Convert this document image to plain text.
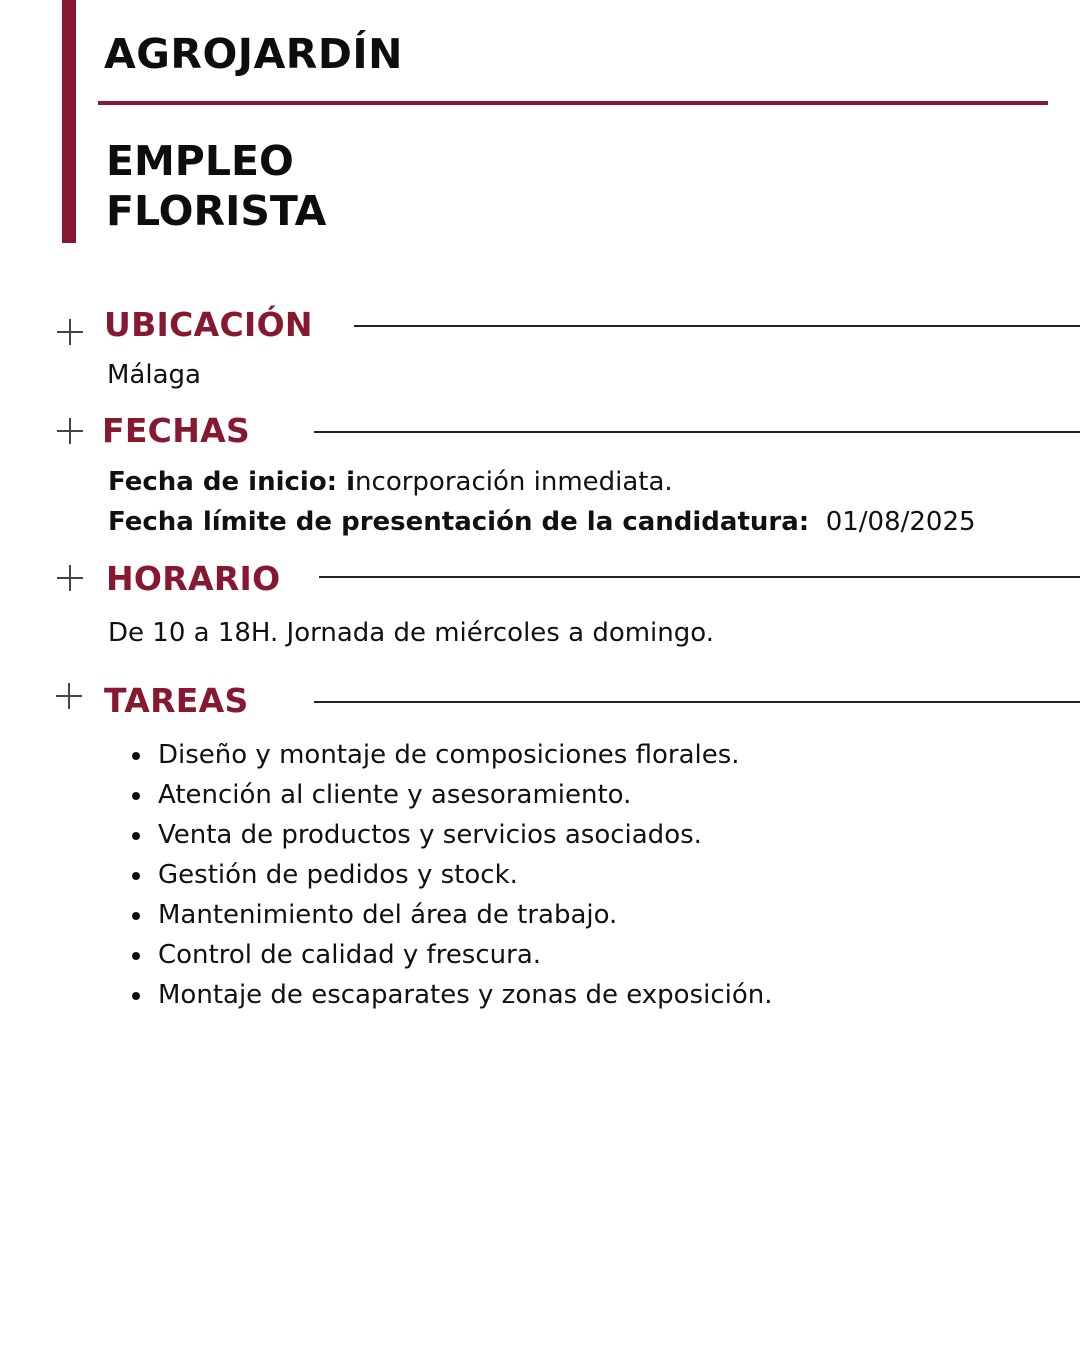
AGROJARDÍN
EMPLEO
FLORISTA
UBICACIÓN
Málaga
FECHAS
Fecha de inicio: incorporación inmediata.
Fecha límite de presentación de la candidatura: 01/08/2025
HORARIO
De 10 a 18H. Jornada de miércoles a domingo.
TAREAS
Diseño y montaje de composiciones florales.
Atención al cliente y asesoramiento.
Venta de productos y servicios asociados.
Gestión de pedidos y stock.
Mantenimiento del área de trabajo.
Control de calidad y frescura.
Montaje de escaparates y zonas de exposición.
